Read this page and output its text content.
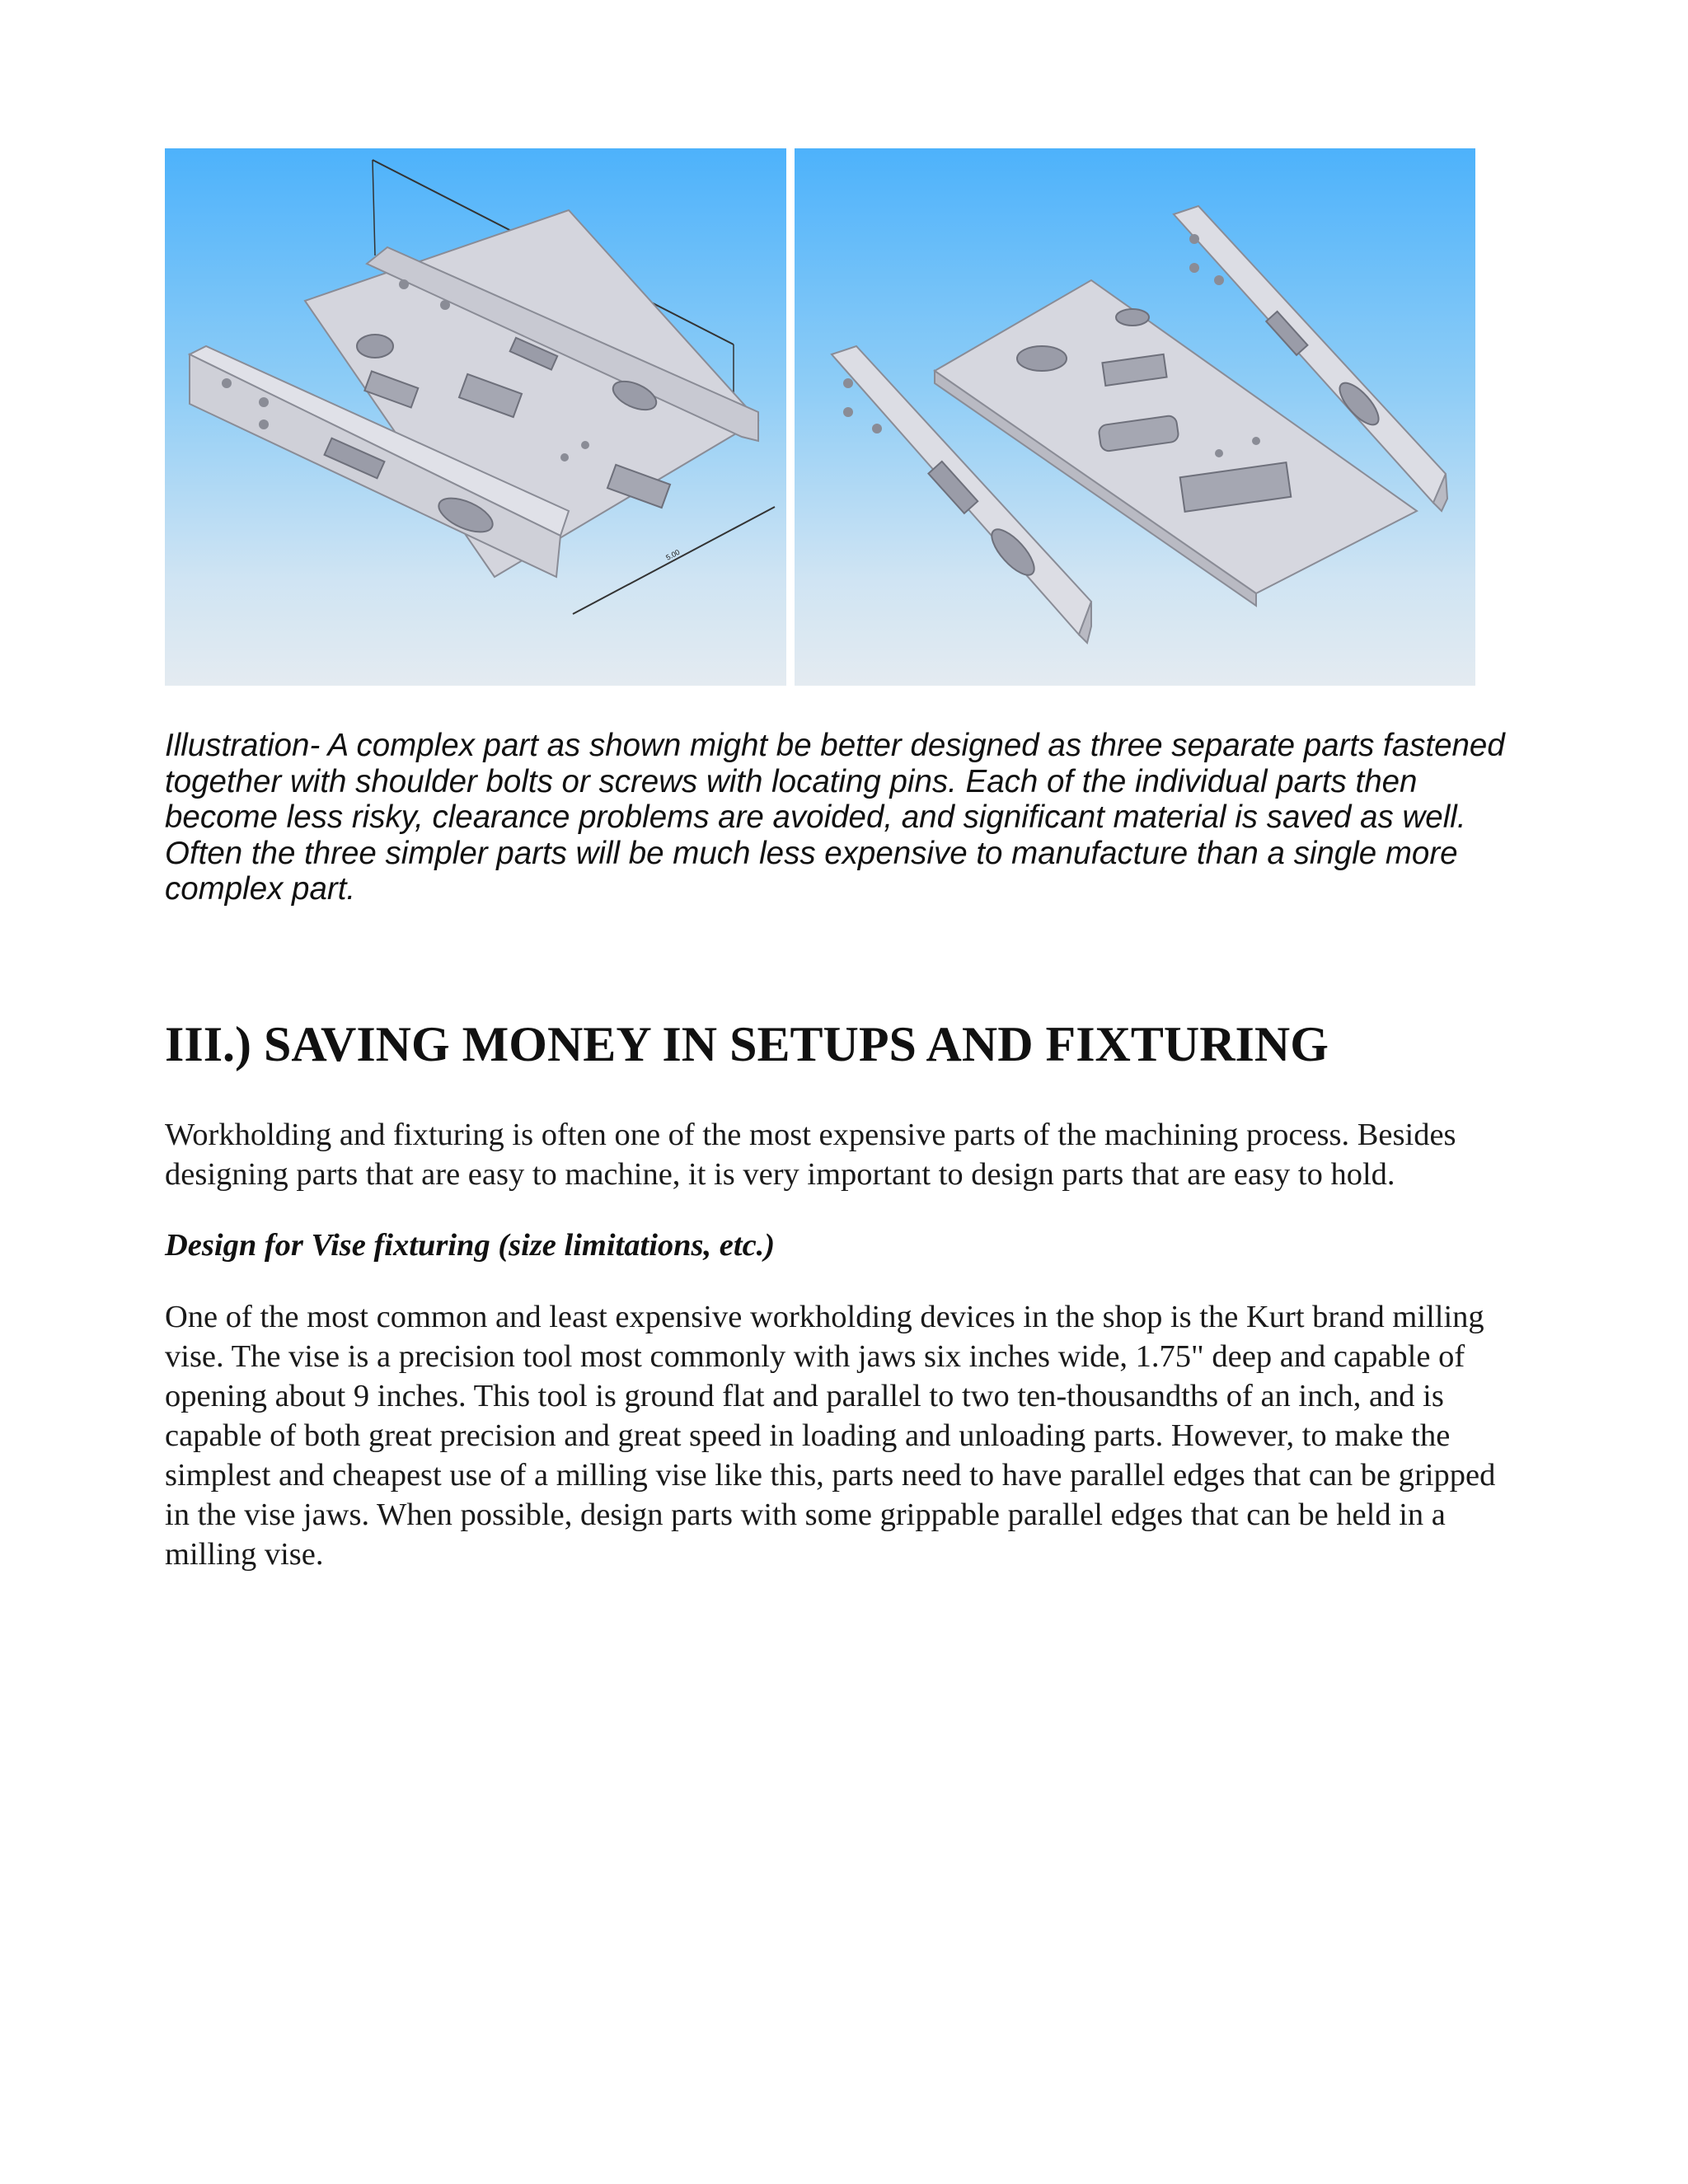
5.00

Illustration- A complex part as shown might be better designed as three separate parts fastened together with shoulder bolts or screws with locating pins. Each of the individual parts then become less risky, clearance problems are avoided, and significant material is saved as well. Often the three simpler parts will be much less expensive to manufacture than a single more complex part.

III.) SAVING MONEY IN SETUPS AND FIXTURING

Workholding and fixturing is often one of the most expensive parts of the machining process. Besides designing parts that are easy to machine, it is very important to design parts that are easy to hold.

Design for Vise fixturing (size limitations, etc.)

One of the most common and least expensive workholding devices in the shop is the Kurt brand milling vise. The vise is a precision tool most commonly with jaws six inches wide, 1.75" deep and capable of opening about 9 inches. This tool is ground flat and parallel to two ten-thousandths of an inch, and is capable of both great precision and great speed in loading and unloading parts. However, to make the simplest and cheapest use of a milling vise like this, parts need to have parallel edges that can be gripped in the vise jaws. When possible, design parts with some grippable parallel edges that can be held in a milling vise.
